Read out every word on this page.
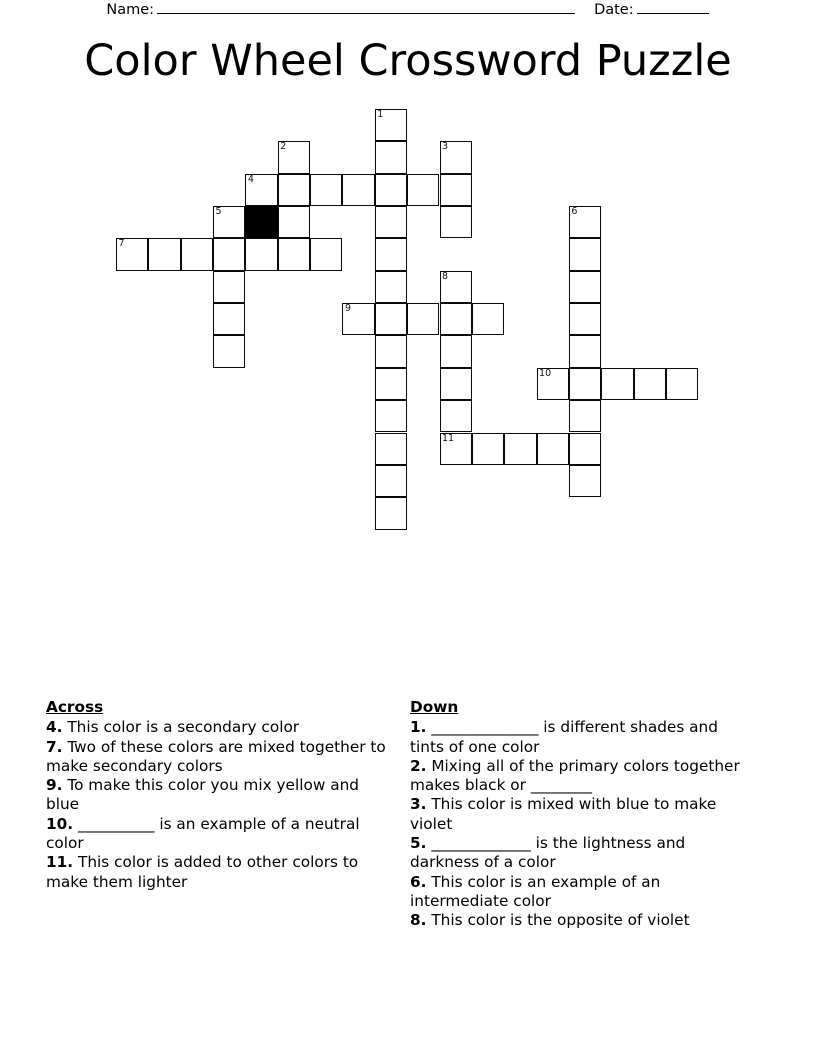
Name:	Date:
Color Wheel Crossword Puzzle
1
2	3
4
5	6
7
8
9
10
11
Across
4. This color is a secondary color
7. Two of these colors are mixed together to make secondary colors
9. To make this color you mix yellow and blue
10. __________ is an example of a neutral color
11. This color is added to other colors to make them lighter
Down
1. ______________ is different shades and tints of one color
2. Mixing all of the primary colors together makes black or ________
3. This color is mixed with blue to make violet
5. _____________ is the lightness and darkness of a color
6. This color is an example of an intermediate color
8. This color is the opposite of violet
